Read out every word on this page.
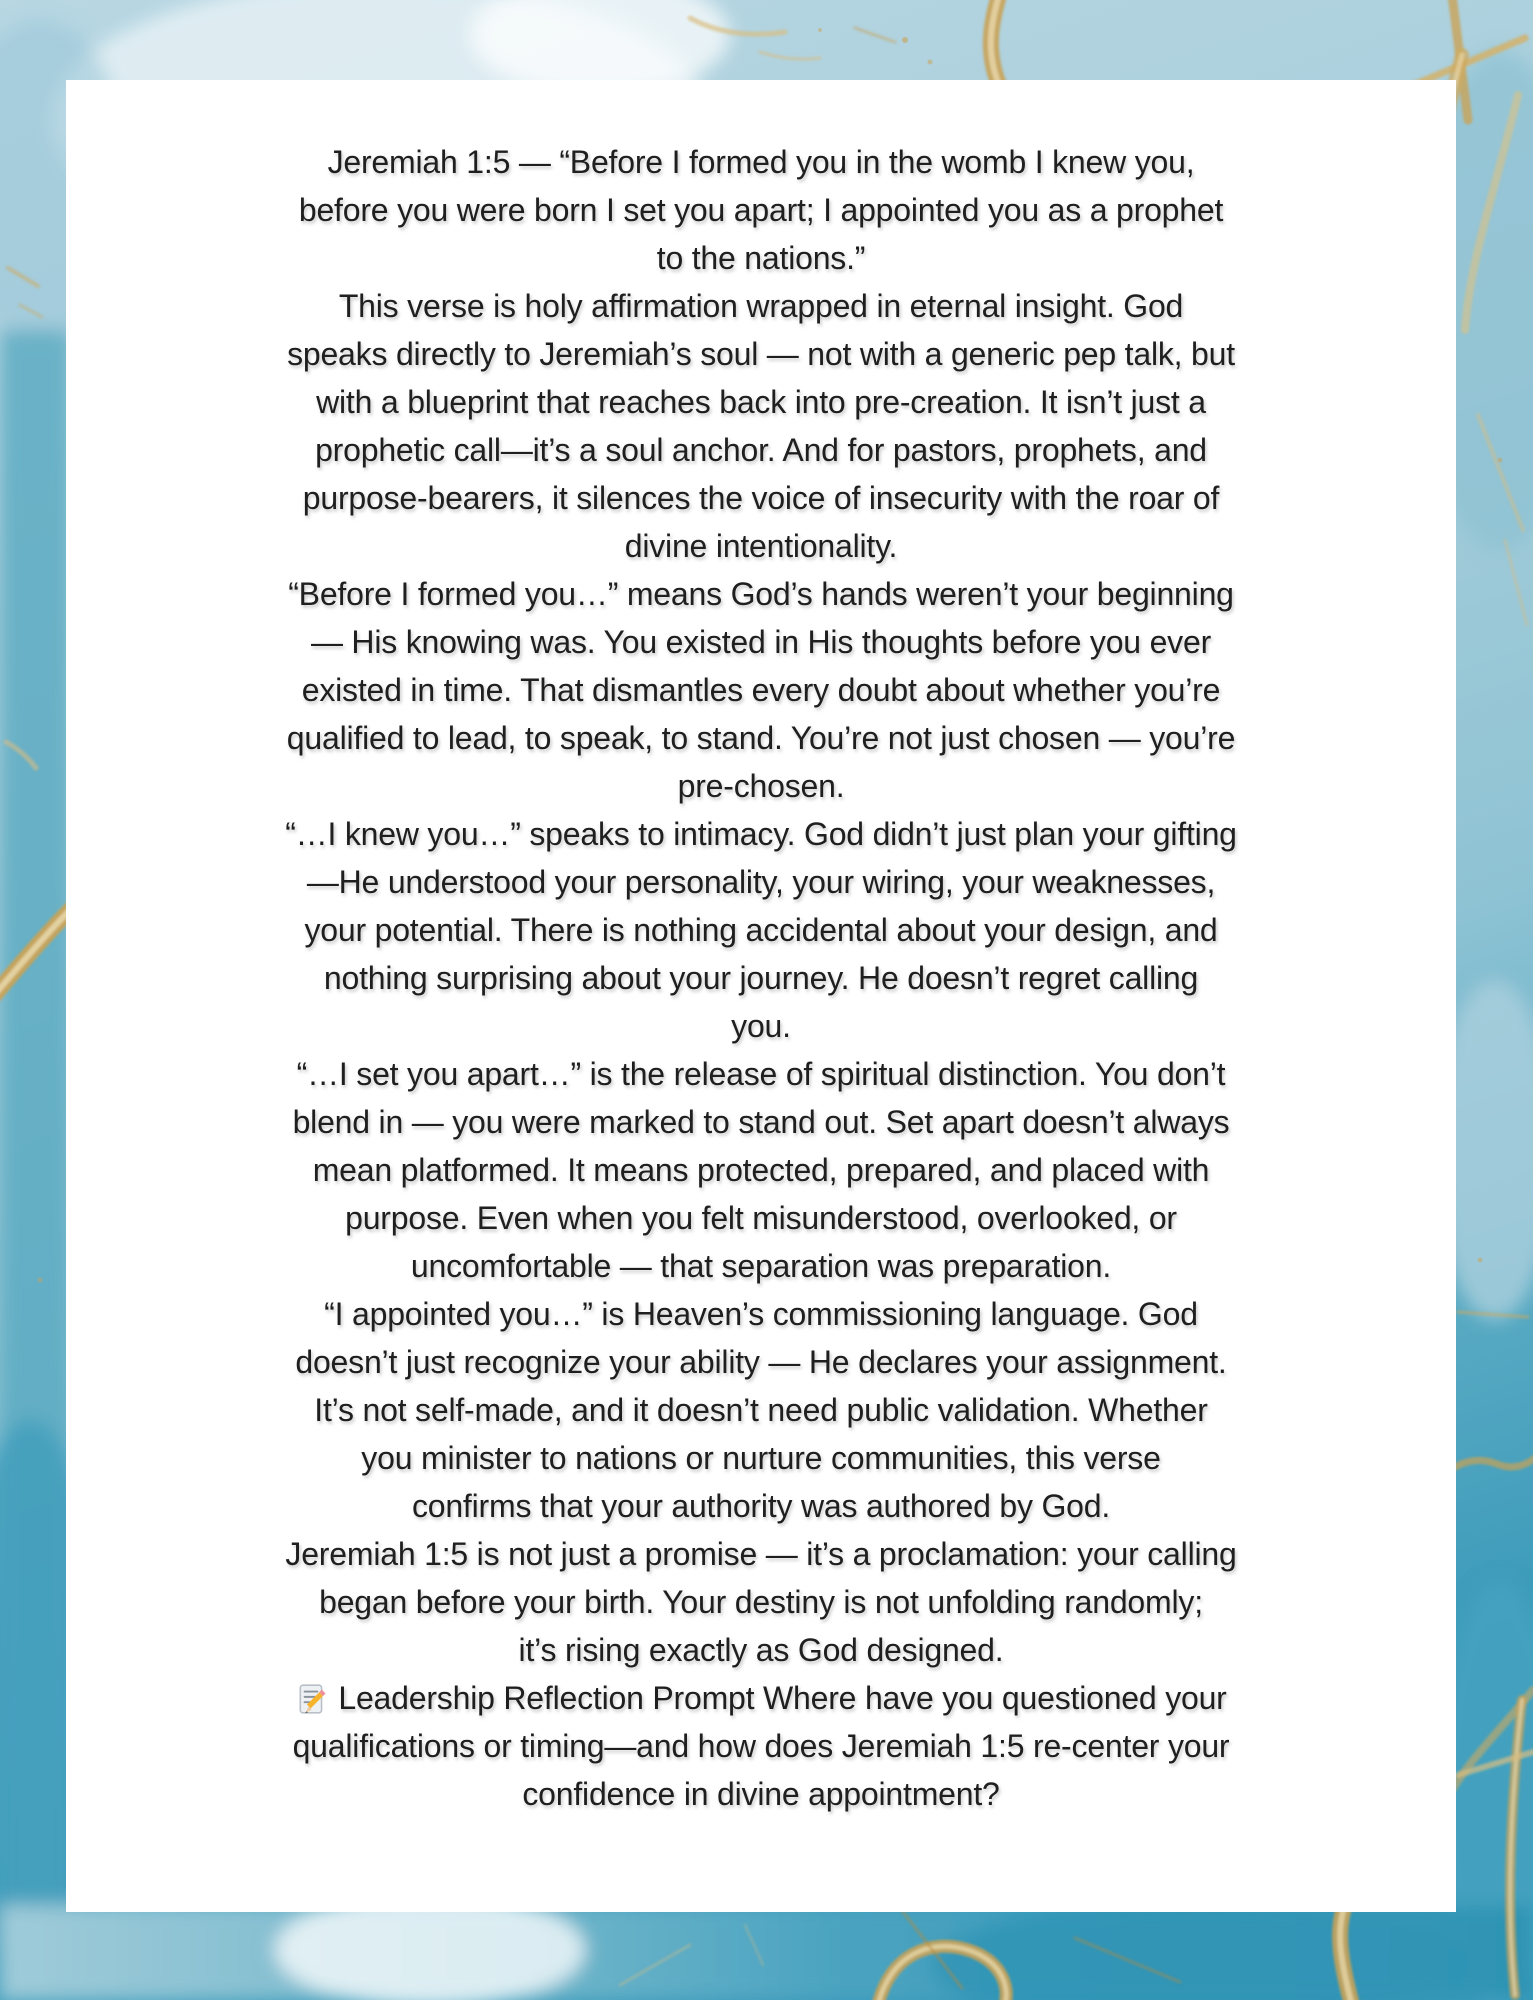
Jeremiah 1:5 — “Before I formed you in the womb I knew you,
before you were born I set you apart; I appointed you as a prophet
to the nations.”
This verse is holy affirmation wrapped in eternal insight. God
speaks directly to Jeremiah’s soul — not with a generic pep talk, but
with a blueprint that reaches back into pre-creation. It isn’t just a
prophetic call—it’s a soul anchor. And for pastors, prophets, and
purpose-bearers, it silences the voice of insecurity with the roar of
divine intentionality.
“Before I formed you…” means God’s hands weren’t your beginning
— His knowing was. You existed in His thoughts before you ever
existed in time. That dismantles every doubt about whether you’re
qualified to lead, to speak, to stand. You’re not just chosen — you’re
pre-chosen.
“…I knew you…” speaks to intimacy. God didn’t just plan your gifting
—He understood your personality, your wiring, your weaknesses,
your potential. There is nothing accidental about your design, and
nothing surprising about your journey. He doesn’t regret calling
you.
“…I set you apart…” is the release of spiritual distinction. You don’t
blend in — you were marked to stand out. Set apart doesn’t always
mean platformed. It means protected, prepared, and placed with
purpose. Even when you felt misunderstood, overlooked, or
uncomfortable — that separation was preparation.
“I appointed you…” is Heaven’s commissioning language. God
doesn’t just recognize your ability — He declares your assignment.
It’s not self-made, and it doesn’t need public validation. Whether
you minister to nations or nurture communities, this verse
confirms that your authority was authored by God.
Jeremiah 1:5 is not just a promise — it’s a proclamation: your calling
began before your birth. Your destiny is not unfolding randomly;
it’s rising exactly as God designed.
Leadership Reflection Prompt Where have you questioned your
qualifications or timing—and how does Jeremiah 1:5 re-center your
confidence in divine appointment?
